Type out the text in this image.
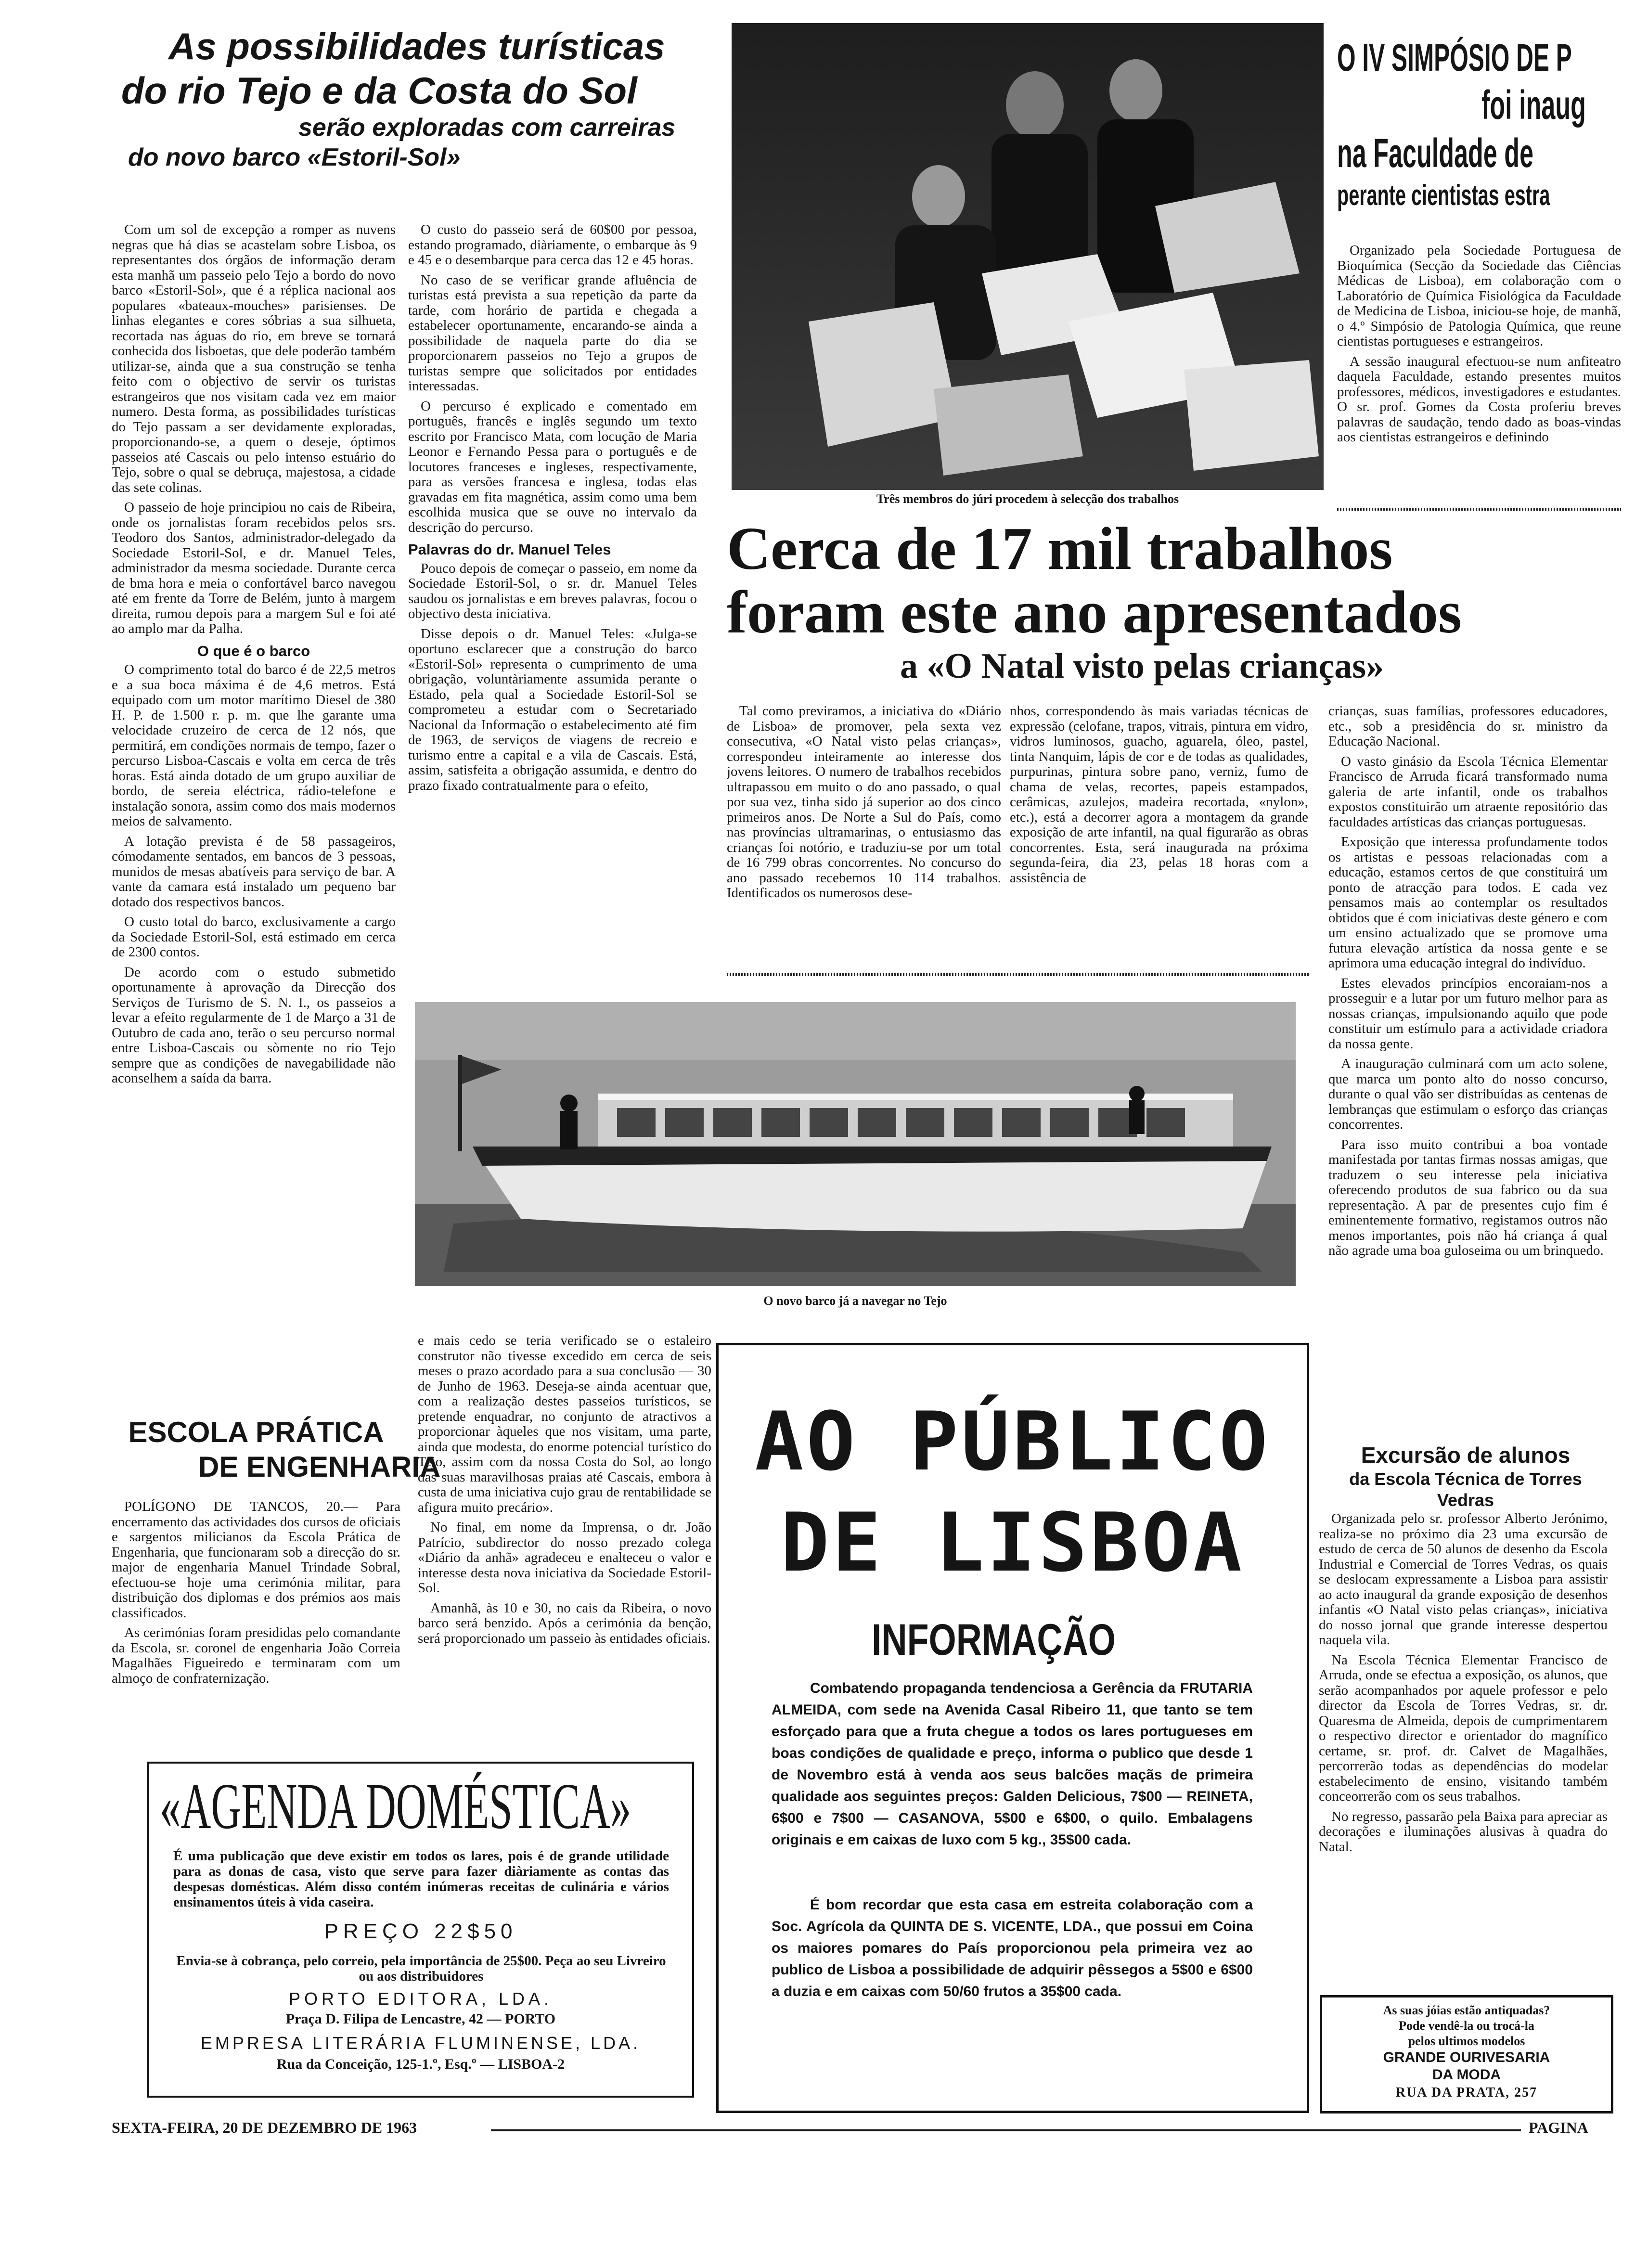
As possibilidades turísticas
do rio Tejo e da Costa do Sol
serão exploradas com carreiras
do novo barco «Estoril-Sol»

Com um sol de excepção a romper as nuvens negras que há dias se acastelam sobre Lisboa, os representantes dos órgãos de informação deram esta manhã um passeio pelo Tejo a bordo do novo barco «Estoril-Sol», que é a réplica nacional aos populares «bateaux-mouches» parisienses. De linhas elegantes e cores sóbrias a sua silhueta, recortada nas águas do rio, em breve se tornará conhecida dos lisboetas, que dele poderão também utilizar-se, ainda que a sua construção se tenha feito com o objectivo de servir os turistas estrangeiros que nos visitam cada vez em maior numero. Desta forma, as possibilidades turísticas do Tejo passam a ser devidamente exploradas, proporcionando-se, a quem o deseje, óptimos passeios até Cascais ou pelo intenso estuário do Tejo, sobre o qual se debruça, majestosa, a cidade das sete colinas.

O passeio de hoje principiou no cais de Ribeira, onde os jornalistas foram recebidos pelos srs. Teodoro dos Santos, administrador-delegado da Sociedade Estoril-Sol, e dr. Manuel Teles, administrador da mesma sociedade. Durante cerca de bma hora e meia o confortável barco navegou até em frente da Torre de Belém, junto à margem direita, rumou depois para a margem Sul e foi até ao amplo mar da Palha.

O que é o barco

O comprimento total do barco é de 22,5 metros e a sua boca máxima é de 4,6 metros. Está equipado com um motor marítimo Diesel de 380 H. P. de 1.500 r. p. m. que lhe garante uma velocidade cruzeiro de cerca de 12 nós, que permitirá, em condições normais de tempo, fazer o percurso Lisboa-Cascais e volta em cerca de três horas. Está ainda dotado de um grupo auxiliar de bordo, de sereia eléctrica, rádio-telefone e instalação sonora, assim como dos mais modernos meios de salvamento.

A lotação prevista é de 58 passageiros, cómodamente sentados, em bancos de 3 pessoas, munidos de mesas abatíveis para serviço de bar. A vante da camara está instalado um pequeno bar dotado dos respectivos bancos.

O custo total do barco, exclusivamente a cargo da Sociedade Estoril-Sol, está estimado em cerca de 2300 contos.

De acordo com o estudo submetido oportunamente à aprovação da Direcção dos Serviços de Turismo de S. N. I., os passeios a levar a efeito regularmente de 1 de Março a 31 de Outubro de cada ano, terão o seu percurso normal entre Lisboa-Cascais ou sòmente no rio Tejo sempre que as condições de navegabilidade não aconselhem a saída da barra.

O custo do passeio será de 60$00 por pessoa, estando programado, diàriamente, o embarque às 9 e 45 e o desembarque para cerca das 12 e 45 horas.

No caso de se verificar grande afluência de turistas está prevista a sua repetição da parte da tarde, com horário de partida e chegada a estabelecer oportunamente, encarando-se ainda a possibilidade de naquela parte do dia se proporcionarem passeios no Tejo a grupos de turistas sempre que solicitados por entidades interessadas.

O percurso é explicado e comentado em português, francês e inglês segundo um texto escrito por Francisco Mata, com locução de Maria Leonor e Fernando Pessa para o português e de locutores franceses e ingleses, respectivamente, para as versões francesa e inglesa, todas elas gravadas em fita magnética, assim como uma bem escolhida musica que se ouve no intervalo da descrição do percurso.

Palavras do dr. Manuel Teles

Pouco depois de começar o passeio, em nome da Sociedade Estoril-Sol, o sr. dr. Manuel Teles saudou os jornalistas e em breves palavras, focou o objectivo desta iniciativa.

Disse depois o dr. Manuel Teles: «Julga-se oportuno esclarecer que a construção do barco «Estoril-Sol» representa o cumprimento de uma obrigação, voluntàriamente assumida perante o Estado, pela qual a Sociedade Estoril-Sol se comprometeu a estudar com o Secretariado Nacional da Informação o estabelecimento até fim de 1963, de serviços de viagens de recreio e turismo entre a capital e a vila de Cascais. Está, assim, satisfeita a obrigação assumida, e dentro do prazo fixado contratualmente para o efeito,

e mais cedo se teria verificado se o estaleiro construtor não tivesse excedido em cerca de seis meses o prazo acordado para a sua conclusão — 30 de Junho de 1963. Deseja-se ainda acentuar que, com a realização destes passeios turísticos, se pretende enquadrar, no conjunto de atractivos a proporcionar àqueles que nos visitam, uma parte, ainda que modesta, do enorme potencial turístico do Tejo, assim com da nossa Costa do Sol, ao longo das suas maravilhosas praias até Cascais, embora à custa de uma iniciativa cujo grau de rentabilidade se afigura muito precário».

No final, em nome da Imprensa, o dr. João Patrício, subdirector do nosso prezado colega «Diário da anhã» agradeceu e enalteceu o valor e interesse desta nova iniciativa da Sociedade Estoril-Sol.

Amanhã, às 10 e 30, no cais da Ribeira, o novo barco será benzido. Após a cerimónia da benção, será proporcionado um passeio às entidades oficiais.

Três membros do júri procedem à selecção dos trabalhos
Cerca de 17 mil trabalhos
foram este ano apresentados
a «O Natal visto pelas crianças»

Tal como previramos, a iniciativa do «Diário de Lisboa» de promover, pela sexta vez consecutiva, «O Natal visto pelas crianças», correspondeu inteiramente ao interesse dos jovens leitores. O numero de trabalhos recebidos ultrapassou em muito o do ano passado, o qual por sua vez, tinha sido já superior ao dos cinco primeiros anos. De Norte a Sul do País, como nas províncias ultramarinas, o entusiasmo das crianças foi notório, e traduziu-se por um total de 16 799 obras concorrentes. No concurso do ano passado recebemos 10 114 trabalhos. Identificados os numerosos dese-

nhos, correspondendo às mais variadas técnicas de expressão (celofane, trapos, vitrais, pintura em vidro, vidros luminosos, guacho, aguarela, óleo, pastel, tinta Nanquim, lápis de cor e de todas as qualidades, purpurinas, pintura sobre pano, verniz, fumo de chama de velas, recortes, papeis estampados, cerâmicas, azulejos, madeira recortada, «nylon», etc.), está a decorrer agora a montagem da grande exposição de arte infantil, na qual figurarão as obras concorrentes. Esta, será inaugurada na próxima segunda-feira, dia 23, pelas 18 horas com a assistência de

crianças, suas famílias, professores educadores, etc., sob a presidência do sr. ministro da Educação Nacional.

O vasto ginásio da Escola Técnica Elementar Francisco de Arruda ficará transformado numa galeria de arte infantil, onde os trabalhos expostos constituirão um atraente repositório das faculdades artísticas das crianças portuguesas.

Exposição que interessa profundamente todos os artistas e pessoas relacionadas com a educação, estamos certos de que constituirá um ponto de atracção para todos. E cada vez pensamos mais ao contemplar os resultados obtidos que é com iniciativas deste género e com um ensino actualizado que se promove uma futura elevação artística da nossa gente e se aprimora uma educação integral do indivíduo.

Estes elevados princípios encoraiam-nos a prosseguir e a lutar por um futuro melhor para as nossas crianças, impulsionando aquilo que pode constituir um estímulo para a actividade criadora da nossa gente.

A inauguração culminará com um acto solene, que marca um ponto alto do nosso concurso, durante o qual vão ser distribuídas as centenas de lembranças que estimulam o esforço das crianças concorrentes.

Para isso muito contribui a boa vontade manifestada por tantas firmas nossas amigas, que traduzem o seu interesse pela iniciativa oferecendo produtos de sua fabrico ou da sua representação. A par de presentes cujo fim é eminentemente formativo, registamos outros não menos importantes, pois não há criança á qual não agrade uma boa guloseima ou um brinquedo.

O IV SIMPÓSIO DE P
foi inaug
na Faculdade de
perante cientistas estra

Organizado pela Sociedade Portuguesa de Bioquímica (Secção da Sociedade das Ciências Médicas de Lisboa), em colaboração com o Laboratório de Química Fisiológica da Faculdade de Medicina de Lisboa, iniciou-se hoje, de manhã, o 4.º Simpósio de Patologia Química, que reune cientistas portugueses e estrangeiros.

A sessão inaugural efectuou-se num anfiteatro daquela Faculdade, estando presentes muitos professores, médicos, investigadores e estudantes. O sr. prof. Gomes da Costa proferiu breves palavras de saudação, tendo dado as boas-vindas aos cientistas estrangeiros e definindo

O novo barco já a navegar no Tejo
ESCOLA PRÁTICA
DE ENGENHARIA

POLÍGONO DE TANCOS, 20.— Para encerramento das actividades dos cursos de oficiais e sargentos milicianos da Escola Prática de Engenharia, que funcionaram sob a direcção do sr. major de engenharia Manuel Trindade Sobral, efectuou-se hoje uma cerimónia militar, para distribuição dos diplomas e dos prémios aos mais classificados.

As cerimónias foram presididas pelo comandante da Escola, sr. coronel de engenharia João Correia Magalhães Figueiredo e terminaram com um almoço de confraternização.

«AGENDA DOMÉSTICA»
É uma publicação que deve existir em todos os lares, pois é de grande utilidade para as donas de casa, visto que serve para fazer diàriamente as contas das despesas domésticas. Além disso contém inúmeras receitas de culinária e vários ensinamentos úteis à vida caseira.
PREÇO 22$50
Envia-se à cobrança, pelo correio, pela importância de 25$00. Peça ao seu Livreiro ou aos distribuidores
PORTO EDITORA, LDA.
Praça D. Filipa de Lencastre, 42 — PORTO
EMPRESA LITERÁRIA FLUMINENSE, LDA.
Rua da Conceição, 125-1.º, Esq.º — LISBOA-2
AO PÚBLICO
DE LISBOA
INFORMAÇÃO
Combatendo propaganda tendenciosa a Gerência da FRUTARIA ALMEIDA, com sede na Avenida Casal Ribeiro 11, que tanto se tem esforçado para que a fruta chegue a todos os lares portugueses em boas condições de qualidade e preço, informa o publico que desde 1 de Novembro está à venda aos seus balcões maçãs de primeira qualidade aos seguintes preços: Galden Delicious, 7$00 — REINETA, 6$00 e 7$00 — CASANOVA, 5$00 e 6$00, o quilo. Embalagens originais e em caixas de luxo com 5 kg., 35$00 cada.
É bom recordar que esta casa em estreita colaboração com a Soc. Agrícola da QUINTA DE S. VICENTE, LDA., que possui em Coina os maiores pomares do País proporcionou pela primeira vez ao publico de Lisboa a possibilidade de adquirir pêssegos a 5$00 e 6$00 a duzia e em caixas com 50/60 frutos a 35$00 cada.
Excursão de alunos
da Escola Técnica de Torres Vedras

Organizada pelo sr. professor Alberto Jerónimo, realiza-se no próximo dia 23 uma excursão de estudo de cerca de 50 alunos de desenho da Escola Industrial e Comercial de Torres Vedras, os quais se deslocam expressamente a Lisboa para assistir ao acto inaugural da grande exposição de desenhos infantis «O Natal visto pelas crianças», iniciativa do nosso jornal que grande interesse despertou naquela vila.

Na Escola Técnica Elementar Francisco de Arruda, onde se efectua a exposição, os alunos, que serão acompanhados por aquele professor e pelo director da Escola de Torres Vedras, sr. dr. Quaresma de Almeida, depois de cumprimentarem o respectivo director e orientador do magnífico certame, sr. prof. dr. Calvet de Magalhães, percorrerão todas as dependências do modelar estabelecimento de ensino, visitando também conceorrerão com os seus trabalhos.

No regresso, passarão pela Baixa para apreciar as decorações e iluminações alusivas à quadra do Natal.

As suas jóias estão antiquadas?
Pode vendê-la ou trocá-la
pelos ultimos modelos
GRANDE OURIVESARIA
DA MODA
RUA DA PRATA, 257
SEXTA-FEIRA, 20 DE DEZEMBRO DE 1963	PAGINA
